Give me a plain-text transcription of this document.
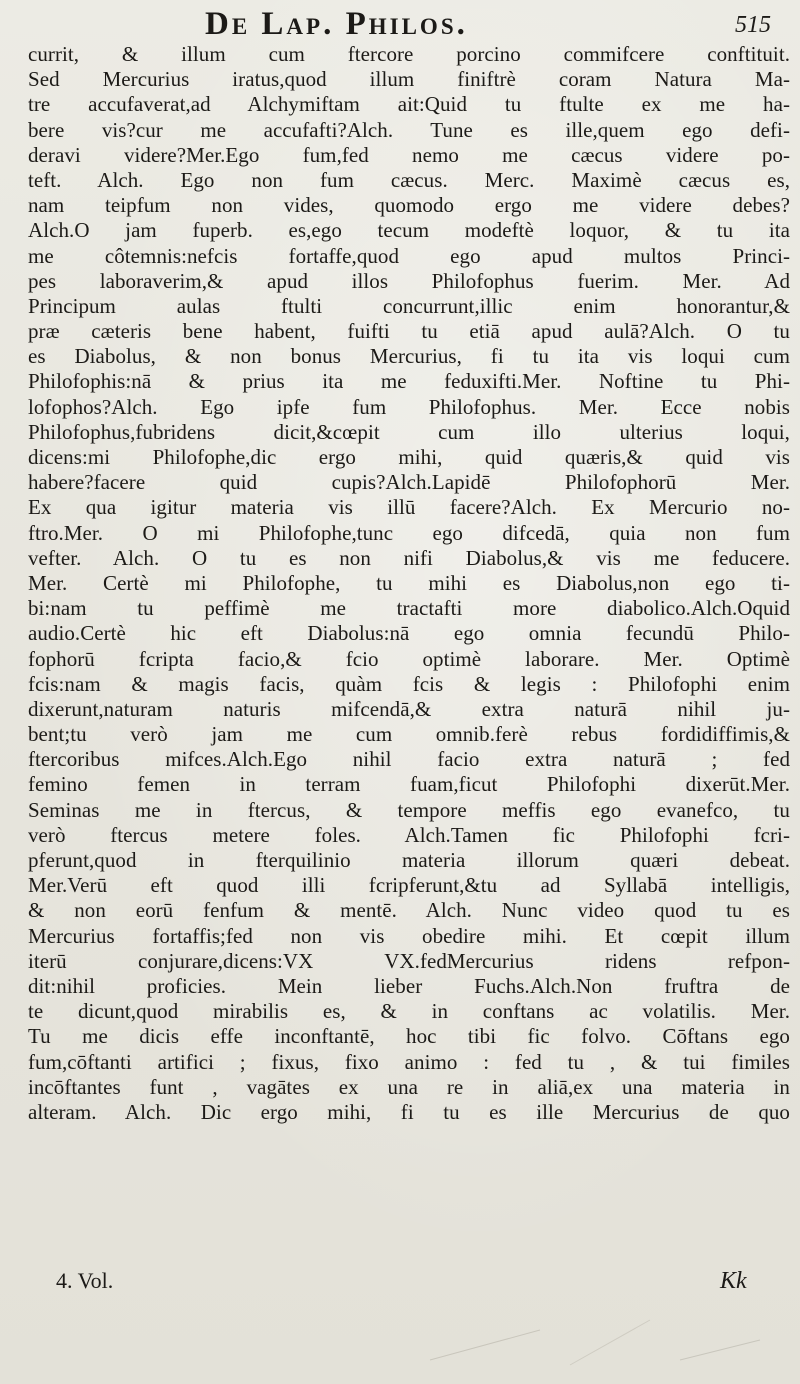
De Lap. Philos.	515
currit, & illum cum ftercore porcino commifcere conftituit.
Sed Mercurius iratus,quod illum finiftrè coram Natura Ma-
tre accufaverat,ad Alchymiftam ait:Quid tu ftulte ex me ha-
bere vis?cur me accufafti?Alch. Tune es ille,quem ego defi-
deravi videre?Mer.Ego fum,fed nemo me cæcus videre po-
teft. Alch. Ego non fum cæcus. Merc. Maximè cæcus es,
nam teipfum non vides, quomodo ergo me videre debes?
Alch.O jam fuperb. es,ego tecum modeftè loquor, & tu ita
me côtemnis:nefcis fortaffe,quod ego apud multos Princi-
pes laboraverim,& apud illos Philofophus fuerim. Mer. Ad
Principum aulas ftulti concurrunt,illic enim honorantur,&
præ cæteris bene habent, fuifti tu etiā apud aulā?Alch. O tu
es Diabolus, & non bonus Mercurius, fi tu ita vis loqui cum
Philofophis:nā & prius ita me feduxifti.Mer. Noftine tu Phi-
lofophos?Alch. Ego ipfe fum Philofophus. Mer. Ecce nobis
Philofophus,fubridens dicit,&cœpit cum illo ulterius loqui,
dicens:mi Philofophe,dic ergo mihi, quid quæris,& quid vis
habere?facere quid cupis?Alch.Lapidē Philofophorū Mer.
Ex qua igitur materia vis illū facere?Alch. Ex Mercurio no-
ftro.Mer. O mi Philofophe,tunc ego difcedā, quia non fum
vefter. Alch. O tu es non nifi Diabolus,& vis me feducere.
Mer. Certè mi Philofophe, tu mihi es Diabolus,non ego ti-
bi:nam tu peffimè me tractafti more diabolico.Alch.Oquid
audio.Certè hic eft Diabolus:nā ego omnia fecundū Philo-
fophorū fcripta facio,& fcio optimè laborare. Mer. Optimè
fcis:nam & magis facis, quàm fcis & legis : Philofophi enim
dixerunt,naturam naturis mifcendā,& extra naturā nihil ju-
bent;tu verò jam me cum omnib.ferè rebus fordidiffimis,&
ftercoribus mifces.Alch.Ego nihil facio extra naturā ; fed
femino femen in terram fuam,ficut Philofophi dixerūt.Mer.
Seminas me in ftercus, & tempore meffis ego evanefco, tu
verò ftercus metere foles. Alch.Tamen fic Philofophi fcri-
pferunt,quod in fterquilinio materia illorum quæri debeat.
Mer.Verū eft quod illi fcripferunt,&tu ad Syllabā intelligis,
& non eorū fenfum & mentē. Alch. Nunc video quod tu es
Mercurius fortaffis;fed non vis obedire mihi. Et cœpit illum
iterū conjurare,dicens:VX VX.fedMercurius ridens refpon-
dit:nihil proficies. Mein lieber Fuchs.Alch.Non fruftra de
te dicunt,quod mirabilis es, & in conftans ac volatilis. Mer.
Tu me dicis effe inconftantē, hoc tibi fic folvo. Cōftans ego
fum,cōftanti artifici ; fixus, fixo animo : fed tu , & tui fimiles
incōftantes funt , vagātes ex una re in aliā,ex una materia in
alteram. Alch. Dic ergo mihi, fi tu es ille Mercurius de quo
4. Vol.	Kk
